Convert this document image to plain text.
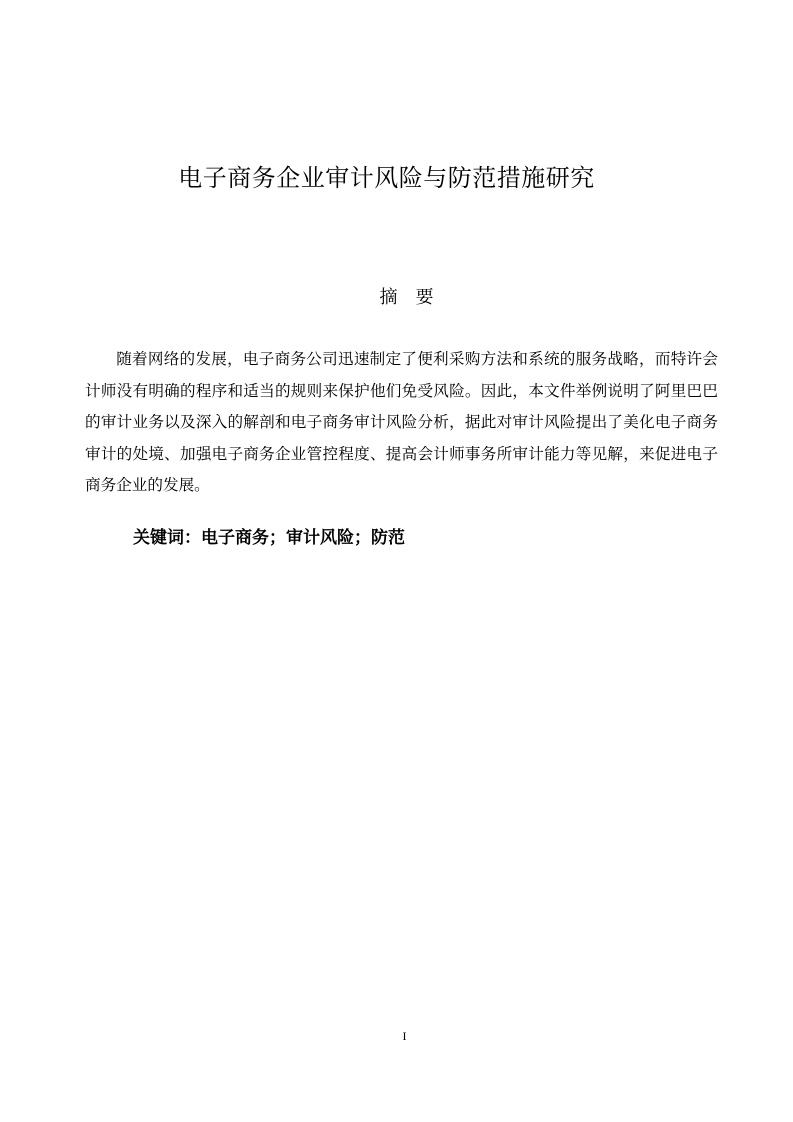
电子商务企业审计风险与防范措施研究
摘　要

随着网络的发展，电子商务公司迅速制定了便利采购方法和系统的服务战略，而特许会计师没有明确的程序和适当的规则来保护他们免受风险。因此，本文件举例说明了阿里巴巴的审计业务以及深入的解剖和电子商务审计风险分析，据此对审计风险提出了美化电子商务审计的处境、加强电子商务企业管控程度、提高会计师事务所审计能力等见解，来促进电子商务企业的发展。

关键词：电子商务；审计风险；防范
I
